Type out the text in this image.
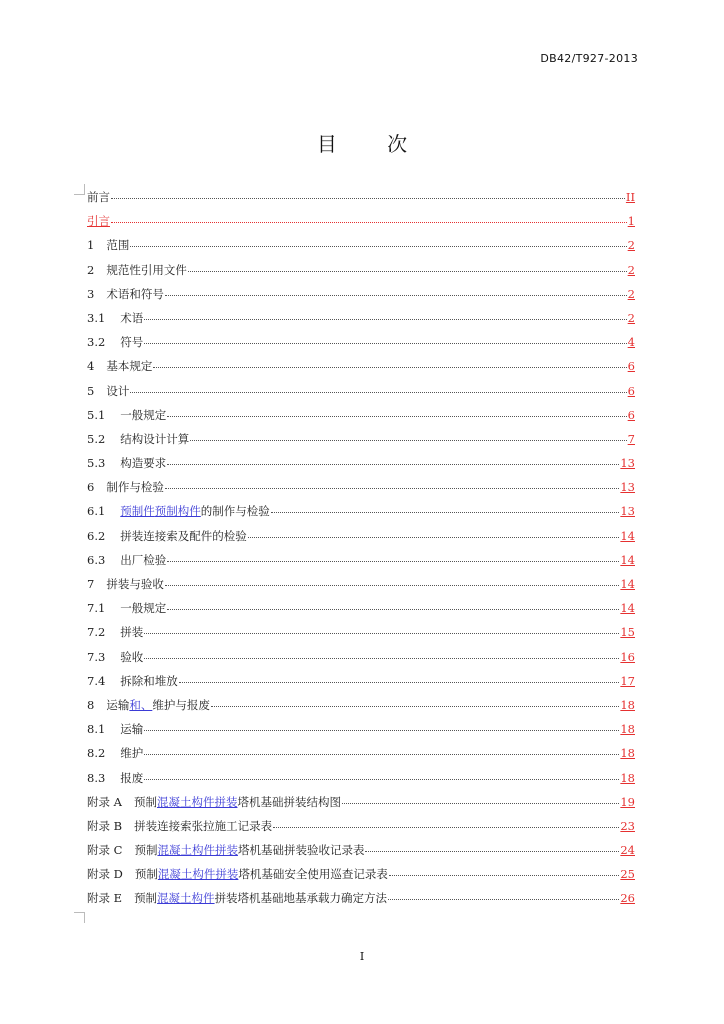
DB42/T927-2013
目 次
前言	II
引言	1
1 范围	2
2 规范性引用文件	2
3 术语和符号	2
3.1 术语	2
3.2 符号	4
4 基本规定	6
5 设计	6
5.1 一般规定	6
5.2 结构设计计算	7
5.3 构造要求	13
6 制作与检验	13
6.1 预制件预制构件的制作与检验	13
6.2 拼装连接索及配件的检验	14
6.3 出厂检验	14
7 拼装与验收	14
7.1 一般规定	14
7.2 拼装	15
7.3 验收	16
7.4 拆除和堆放	17
8 运输和、维护与报废	18
8.1 运输	18
8.2 维护	18
8.3 报废	18
附录 A 预制混凝土构件拼装塔机基础拼装结构图	19
附录 B 拼装连接索张拉施工记录表	23
附录 C 预制混凝土构件拼装塔机基础拼装验收记录表	24
附录 D 预制混凝土构件拼装塔机基础安全使用巡查记录表	25
附录 E 预制混凝土构件拼装塔机基础地基承载力确定方法	26
I
